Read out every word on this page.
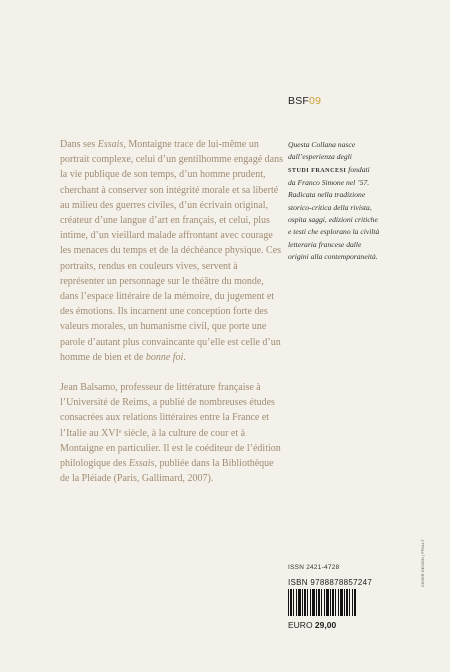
BSF09

Dans ses Essais, Montaigne trace de lui-même un portrait complexe, celui d’un gentilhomme engagé dans la vie publique de son temps, d’un homme prudent, cherchant à conserver son intégrité morale et sa liberté au milieu des guerres civiles, d’un écrivain original, créateur d’une langue d’art en français, et celui, plus intime, d’un vieillard malade affrontant avec courage les menaces du temps et de la déchéance physique. Ces portraits, rendus en couleurs vives, servent à représenter un personnage sur le théâtre du monde, dans l’espace littéraire de la mémoire, du jugement et des émotions. Ils incarnent une conception forte des valeurs morales, un humanisme civil, que porte une parole d’autant plus convaincante qu’elle est celle d’un homme de bien et de bonne foi.

Jean Balsamo, professeur de littérature française à l’Université de Reims, a publié de nombreuses études consacrées aux relations littéraires entre la France et l’Italie au XVIe siècle, à la culture de cour et à Montaigne en particulier. Il est le coéditeur de l’édition philologique des Essais, publiée dans la Bibliothèque de la Pléiade (Paris, Gallimard, 2007).

Questa Collana nasce
dall’esperienza degli
STUDI FRANCESI fondati
da Franco Simone nel ’57.
Radicata nella tradizione
storico-critica della rivista,
ospita saggi, edizioni critiche
e testi che esplorano la civiltà
letteraria francese dalle
origini alla contemporaneità.
ISSN 2421-4728
ISBN 9788878857247
EURO 29,00
COVER DESIGN | FFNLLT
